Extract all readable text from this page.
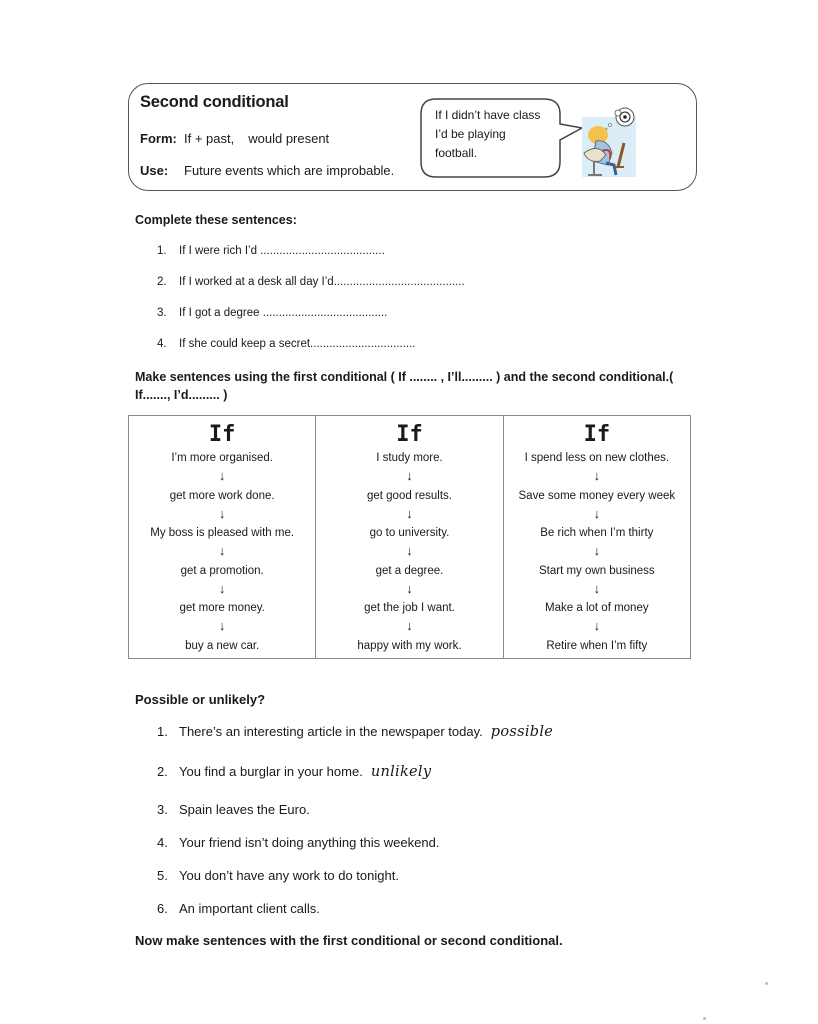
Second conditional
Form: If + past, would present
Use: Future events which are improbable.
If I didn’t have class
I’d be playing
football.
Complete these sentences:
1. If I were rich I’d .......................................
2. If I worked at a desk all day I’d.........................................
3. If I got a degree .......................................
4. If she could keep a secret.................................
Make sentences using the first conditional ( If ........ , I’ll......... ) and the second conditional.( If......., I’d......... )
If
I’m more organised.
↓
get more work done.
↓
My boss is pleased with me.
↓
get a promotion.
↓
get more money.
↓
buy a new car.

If
I study more.
↓
get good results.
↓
go to university.
↓
get a degree.
↓
get the job I want.
↓
happy with my work.

If
I spend less on new clothes.
↓
Save some money every week
↓
Be rich when I’m thirty
↓
Start my own business
↓
Make a lot of money
↓
Retire when I’m fifty
Possible or unlikely?
1. There’s an interesting article in the newspaper today. possible
2. You find a burglar in your home. unlikely
3. Spain leaves the Euro.
4. Your friend isn’t doing anything this weekend.
5. You don’t have any work to do tonight.
6. An important client calls.
Now make sentences with the first conditional or second conditional.
